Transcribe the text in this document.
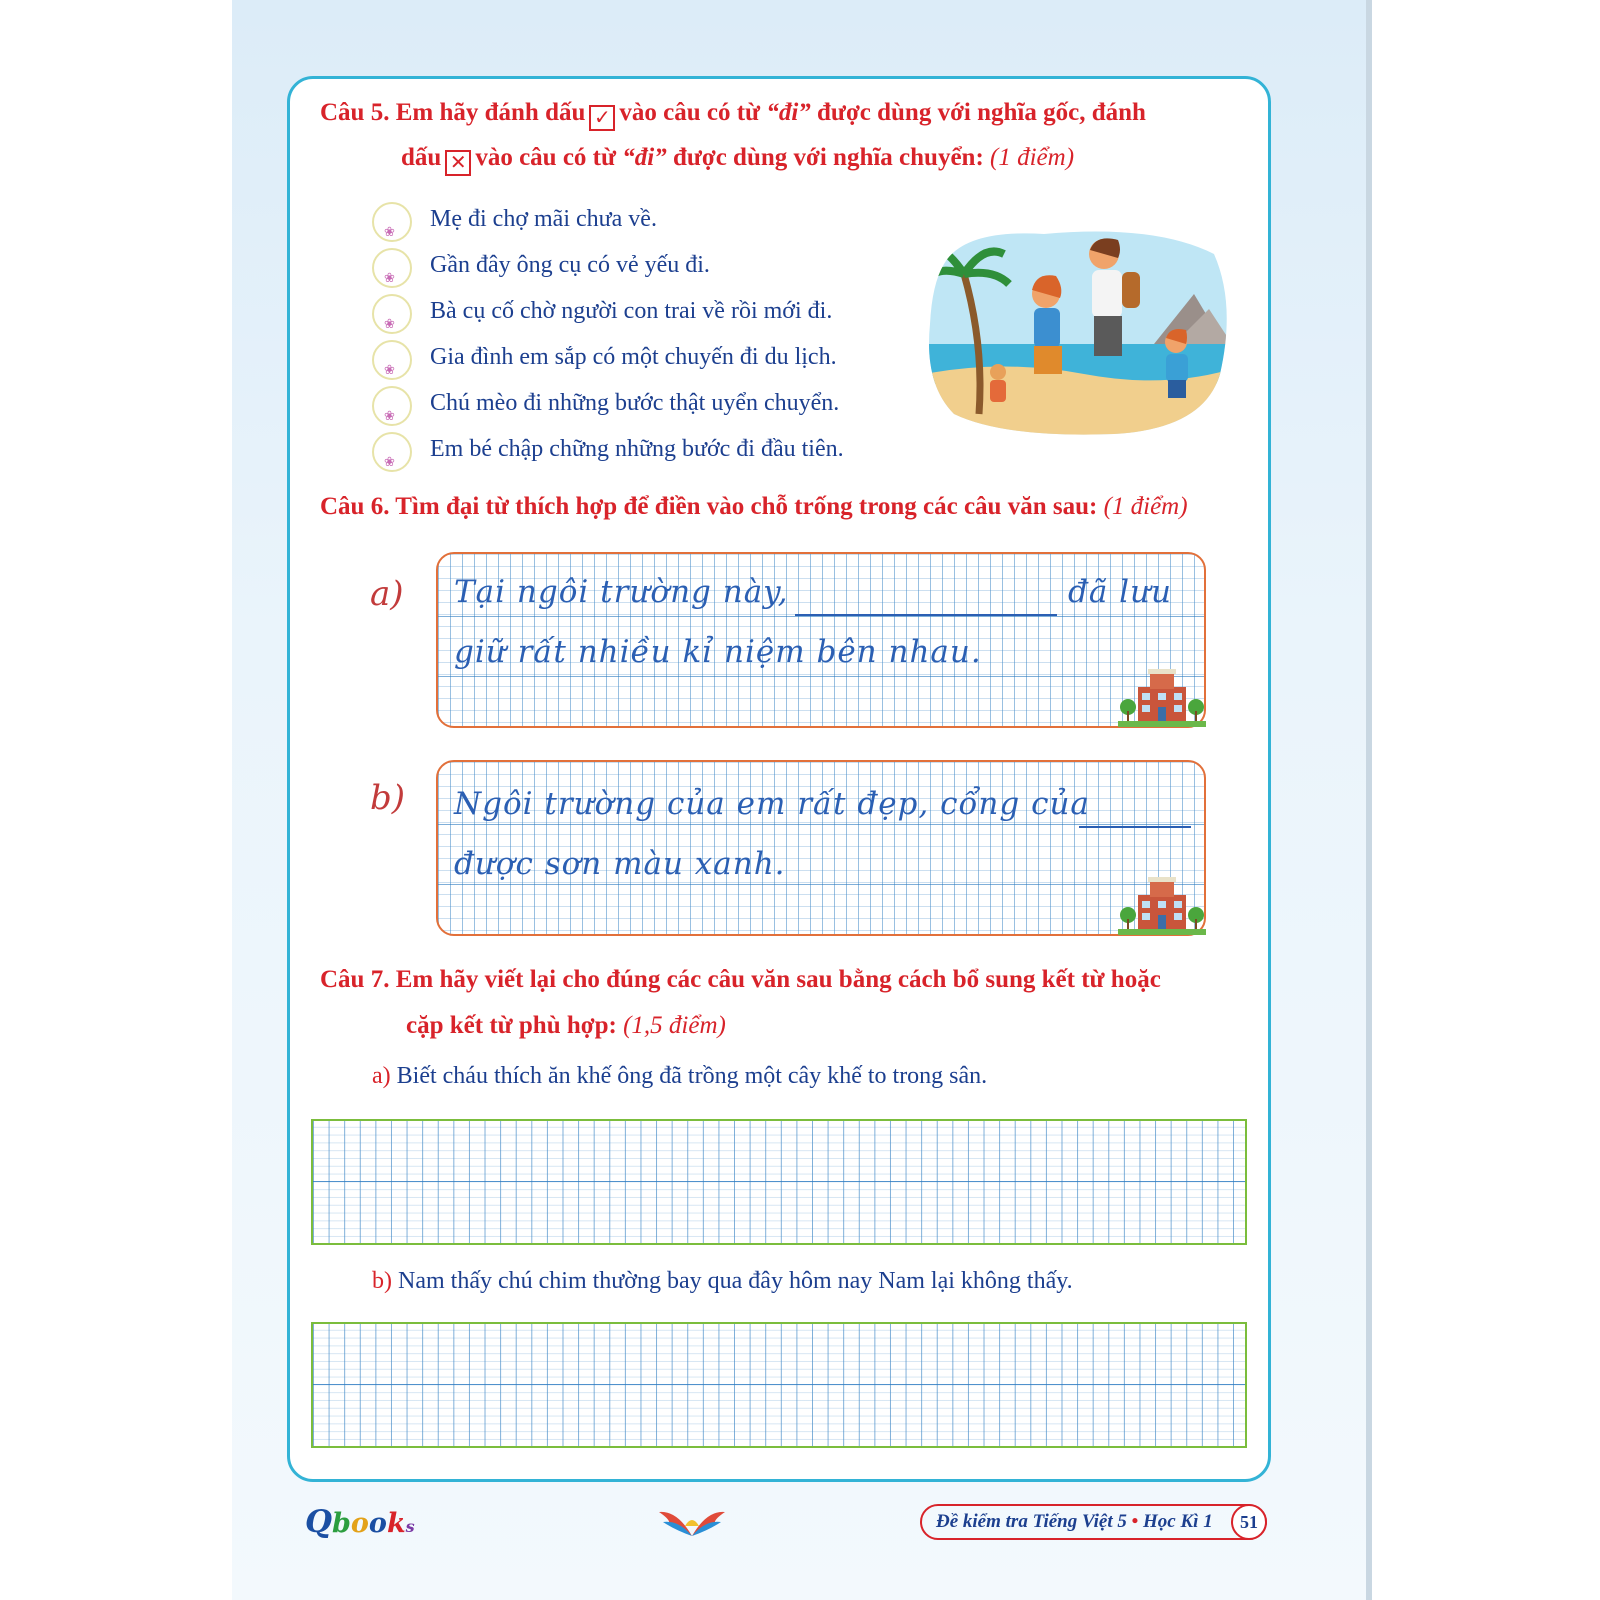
Câu 5. Em hãy đánh dấu ✓ vào câu có từ “đi” được dùng với nghĩa gốc, đánh
dấu ✕ vào câu có từ “đi” được dùng với nghĩa chuyển: (1 điểm)
❀ Mẹ đi chợ mãi chưa về.
❀ Gần đây ông cụ có vẻ yếu đi.
❀ Bà cụ cố chờ người con trai về rồi mới đi.
❀ Gia đình em sắp có một chuyến đi du lịch.
❀ Chú mèo đi những bước thật uyển chuyển.
❀ Em bé chập chững những bước đi đầu tiên.
Câu 6. Tìm đại từ thích hợp để điền vào chỗ trống trong các câu văn sau: (1 điểm)
a) Tại ngôi trường này,	đã lưu
giữ rất nhiều kỉ niệm bên nhau.
b) Ngôi trường của em rất đẹp, cổng của
được sơn màu xanh.
Câu 7. Em hãy viết lại cho đúng các câu văn sau bằng cách bổ sung kết từ hoặc
cặp kết từ phù hợp: (1,5 điểm)
a) Biết cháu thích ăn khế ông đã trồng một cây khế to trong sân.
b) Nam thấy chú chim thường bay qua đây hôm nay Nam lại không thấy.
Qbooks	Đề kiểm tra Tiếng Việt 5 • Học Kì 1	51
